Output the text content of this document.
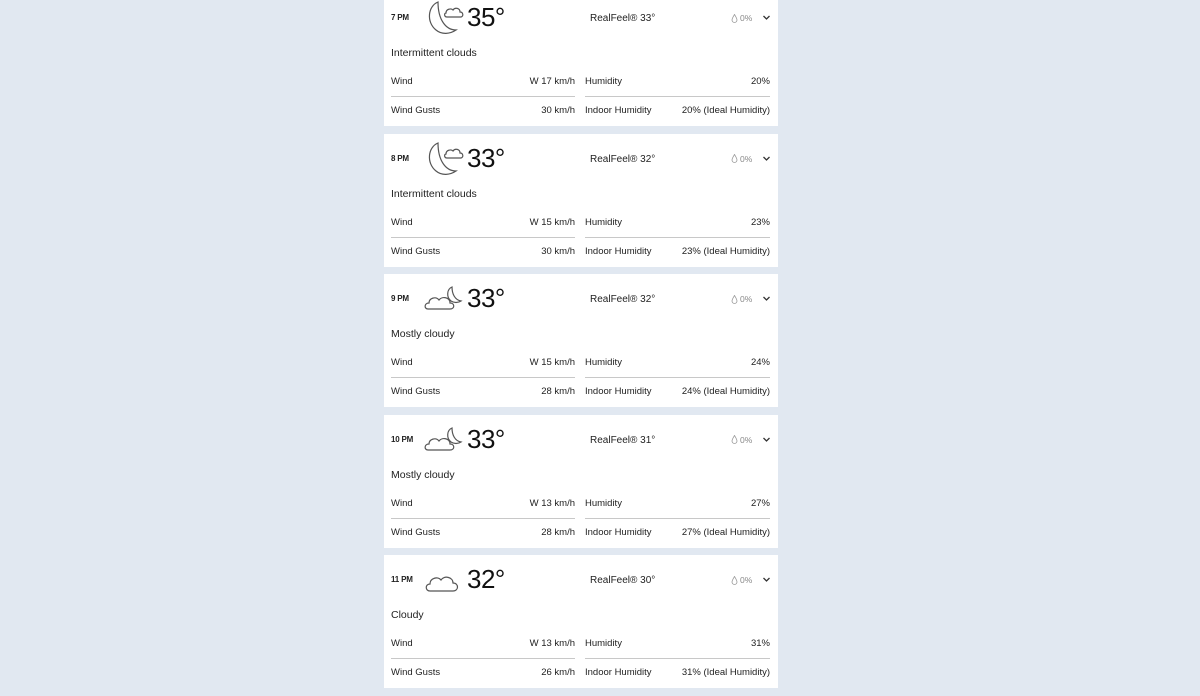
7 PM 35°	RealFeel® 33°	0%
Intermittent clouds
Wind	W 17 km/h Humidity	20%
Wind Gusts	30 km/h Indoor Humidity	20% (Ideal Humidity)
8 PM 33°	RealFeel® 32°	0%
Intermittent clouds
Wind	W 15 km/h Humidity	23%
Wind Gusts	30 km/h Indoor Humidity	23% (Ideal Humidity)
9 PM 33°	RealFeel® 32°	0%
Mostly cloudy
Wind	W 15 km/h Humidity	24%
Wind Gusts	28 km/h Indoor Humidity	24% (Ideal Humidity)
10 PM 33°	RealFeel® 31°	0%
Mostly cloudy
Wind	W 13 km/h Humidity	27%
Wind Gusts	28 km/h Indoor Humidity	27% (Ideal Humidity)
11 PM 32°	RealFeel® 30°	0%
Cloudy
Wind	W 13 km/h Humidity	31%
Wind Gusts	26 km/h Indoor Humidity	31% (Ideal Humidity)
